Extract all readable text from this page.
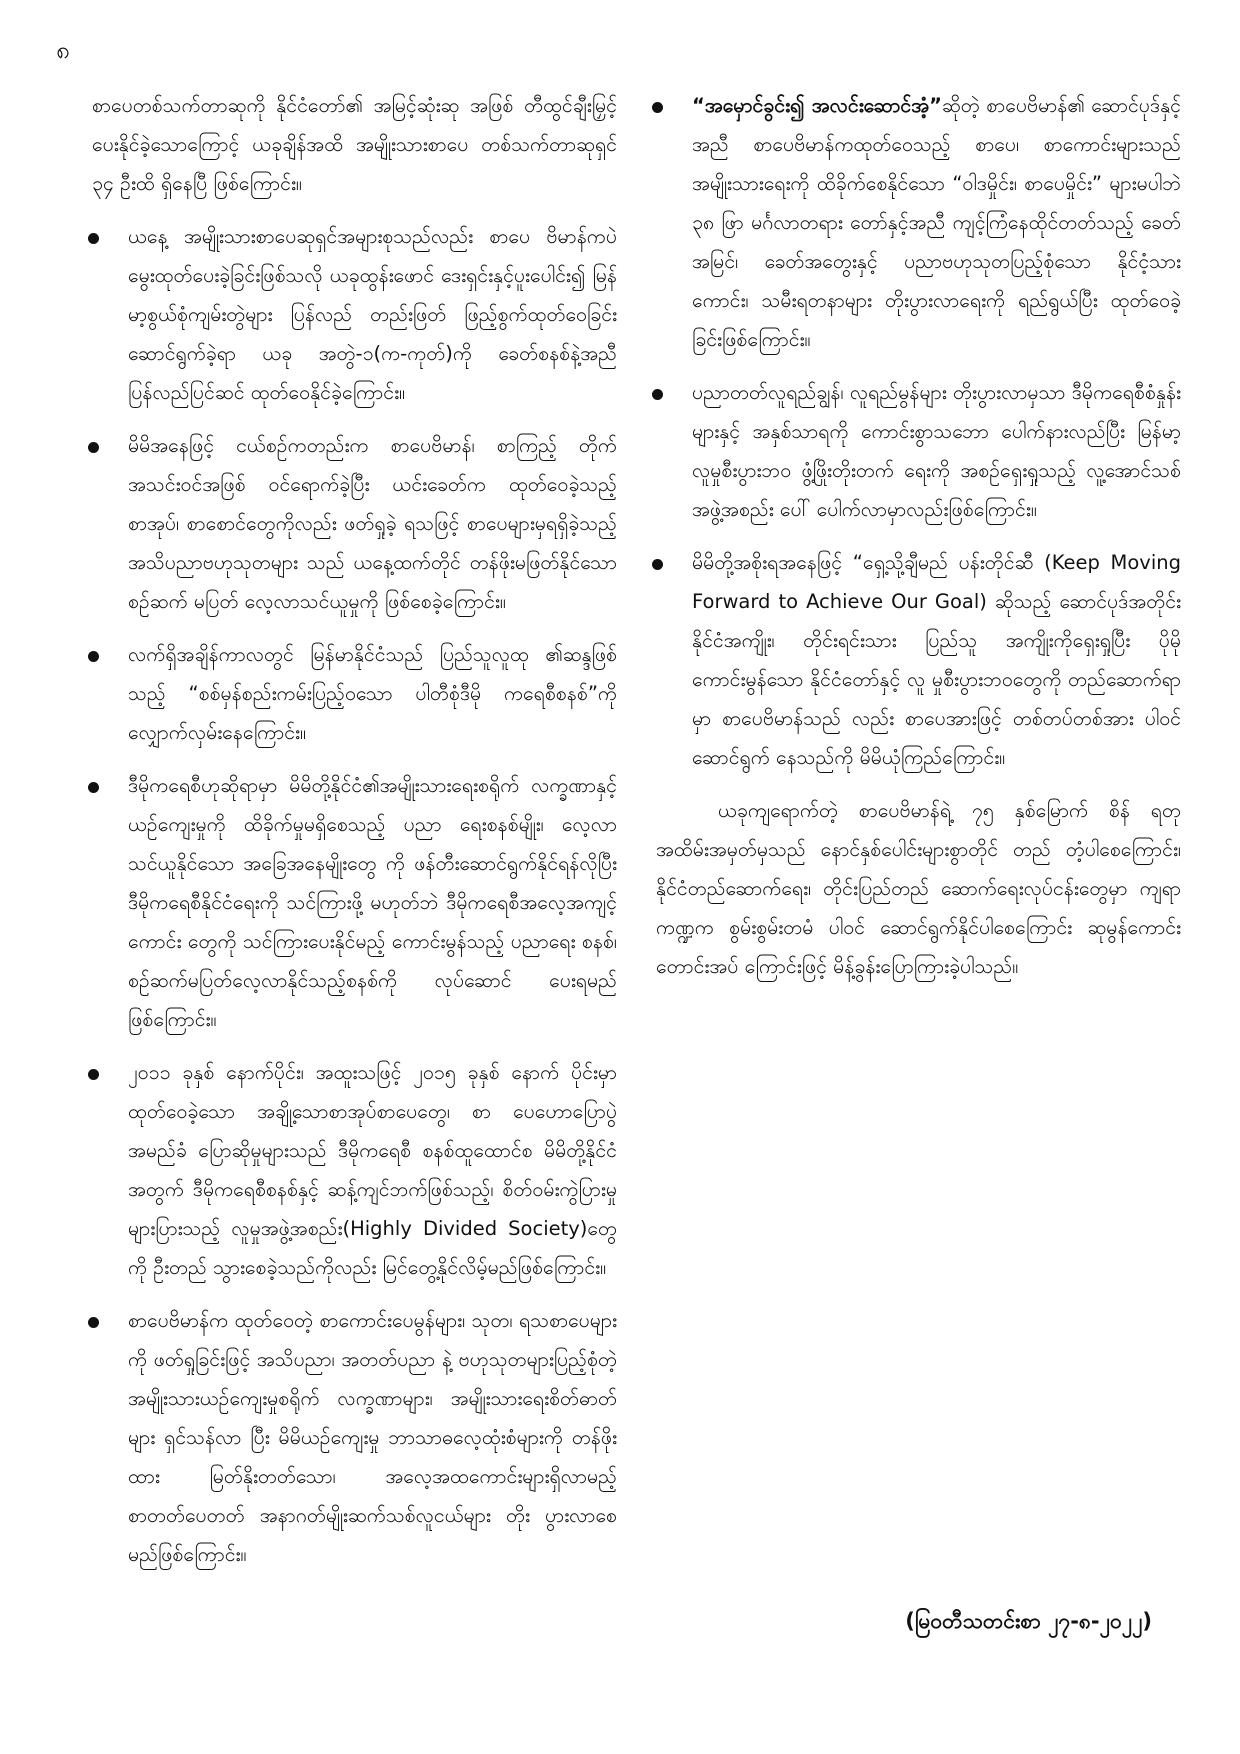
၈

စာပေတစ်သက်တာဆုကို နိုင်ငံတော်၏ အမြင့်ဆုံးဆု အဖြစ် တီထွင်ချီးမြှင့်ပေးနိုင်ခဲ့သောကြောင့် ယခုချိန်အထိ အမျိုးသားစာပေ တစ်သက်တာဆုရှင် ၃၄ ဦးထိ ရှိနေပြီ ဖြစ်ကြောင်း။

ယနေ့ အမျိုးသားစာပေဆုရှင်အများစုသည်လည်း စာပေ ဗိမာန်ကပဲ မွေးထုတ်ပေးခဲ့ခြင်းဖြစ်သလို ယခုထွန်းဖောင် ဒေးရှင်းနှင့်ပူးပေါင်း၍ မြန်မာ့စွယ်စုံကျမ်းတွဲများ ပြန်လည် တည်းဖြတ် ဖြည့်စွက်ထုတ်ဝေခြင်း ဆောင်ရွက်ခဲ့ရာ ယခု အတွဲ-၁(က-ကုတ်)ကို ခေတ်စနစ်နဲ့အညီ ပြန်လည်ပြင်ဆင် ထုတ်ဝေနိုင်ခဲ့ကြောင်း။
မိမိအနေဖြင့် ငယ်စဉ်ကတည်းက စာပေဗိမာန်၊ စာကြည့် တိုက်အသင်းဝင်အဖြစ် ဝင်ရောက်ခဲ့ပြီး ယင်းခေတ်က ထုတ်ဝေခဲ့သည့် စာအုပ်၊ စာစောင်တွေကိုလည်း ဖတ်ရှုခဲ့ ရသဖြင့် စာပေများမှရရှိခဲ့သည့် အသိပညာဗဟုသုတများ သည် ယနေ့ထက်တိုင် တန်ဖိုးမဖြတ်နိုင်သော စဉ်ဆက် မပြတ် လေ့လာသင်ယူမှုကို ဖြစ်စေခဲ့ကြောင်း။
လက်ရှိအချိန်ကာလတွင် မြန်မာနိုင်ငံသည် ပြည်သူလူထု ၏ဆန္ဒဖြစ်သည့် “စစ်မှန်စည်းကမ်းပြည့်ဝသော ပါတီစုံဒီမို ကရေစီစနစ်”ကို လျှောက်လှမ်းနေကြောင်း။
ဒီမိုကရေစီဟုဆိုရာမှာ မိမိတို့နိုင်ငံ၏အမျိုးသားရေးစရိုက် လက္ခဏာနှင့် ယဉ်ကျေးမှုကို ထိခိုက်မှုမရှိစေသည့် ပညာ ရေးစနစ်မျိုး၊ လေ့လာသင်ယူနိုင်သော အခြေအနေမျိုးတွေ ကို ဖန်တီးဆောင်ရွက်နိုင်ရန်လိုပြီး ဒီမိုကရေစီနိုင်ငံရေးကို သင်ကြားဖို့ မဟုတ်ဘဲ ဒီမိုကရေစီအလေ့အကျင့်ကောင်း တွေကို သင်ကြားပေးနိုင်မည့် ကောင်းမွန်သည့် ပညာရေး စနစ်၊ စဉ်ဆက်မပြတ်လေ့လာနိုင်သည့်စနစ်ကို လုပ်ဆောင် ပေးရမည်ဖြစ်ကြောင်း။
၂၀၁၁ ခုနှစ် နောက်ပိုင်း၊ အထူးသဖြင့် ၂၀၁၅ ခုနှစ် နောက် ပိုင်းမှာ ထုတ်ဝေခဲ့သော အချို့သောစာအုပ်စာပေတွေ၊ စာ ပေဟောပြောပွဲအမည်ခံ ပြောဆိုမှုများသည် ဒီမိုကရေစီ စနစ်ထူထောင်စ မိမိတို့နိုင်ငံအတွက် ဒီမိုကရေစီစနစ်နှင့် ဆန့်ကျင်ဘက်ဖြစ်သည့်၊ စိတ်ဝမ်းကွဲပြားမှုများပြားသည့် လူမှုအဖွဲ့အစည်း(Highly Divided Society)တွေကို ဦးတည် သွားစေခဲ့သည်ကိုလည်း မြင်တွေ့နိုင်လိမ့်မည်ဖြစ်ကြောင်း။
စာပေဗိမာန်က ထုတ်ဝေတဲ့ စာကောင်းပေမွန်များ၊ သုတ၊ ရသစာပေများကို ဖတ်ရှုခြင်းဖြင့် အသိပညာ၊ အတတ်ပညာ နဲ့ ဗဟုသုတများပြည့်စုံတဲ့ အမျိုးသားယဉ်ကျေးမှုစရိုက် လက္ခဏာများ၊ အမျိုးသားရေးစိတ်ဓာတ်များ ရှင်သန်လာ ပြီး မိမိယဉ်ကျေးမှု ဘာသာဓလေ့ထုံးစံများကို တန်ဖိုးထား မြတ်နိုးတတ်သော၊ အလေ့အထကောင်းများရှိလာမည့် စာတတ်ပေတတ် အနာဂတ်မျိုးဆက်သစ်လူငယ်များ တိုး ပွားလာစေမည်ဖြစ်ကြောင်း။
“အမှောင်ခွင်း၍ အလင်းဆောင်အံ့”ဆိုတဲ့ စာပေဗိမာန်၏ ဆောင်ပုဒ်နှင့်အညီ စာပေဗိမာန်ကထုတ်ဝေသည့် စာပေ၊ စာကောင်းများသည် အမျိုးသားရေးကို ထိခိုက်စေနိုင်သော “ဝါဒမှိုင်း၊ စာပေမှိုင်း” များမပါဘဲ ၃၈ ဖြာ မင်္ဂလာတရား တော်နှင့်အညီ ကျင့်ကြံနေထိုင်တတ်သည့် ခေတ်အမြင်၊ ခေတ်အတွေးနှင့် ပညာဗဟုသုတပြည့်စုံသော နိုင်ငံ့သား ကောင်း၊ သမီးရတနာများ တိုးပွားလာရေးကို ရည်ရွယ်ပြီး ထုတ်ဝေခဲ့ခြင်းဖြစ်ကြောင်း။
ပညာတတ်လူရည်ချွန်၊ လူရည်မွန်များ တိုးပွားလာမှသာ ဒီမိုကရေစီစံနှုန်းများနှင့် အနှစ်သာရကို ကောင်းစွာသဘော ပေါက်နားလည်ပြီး မြန်မာ့လူမှုစီးပွားဘဝ ဖွံ့ဖြိုးတိုးတက် ရေးကို အစဉ်ရှေးရှုသည့် လူ့အောင်သစ်အဖွဲ့အစည်း ပေါ် ပေါက်လာမှာလည်းဖြစ်ကြောင်း။
မိမိတို့အစိုးရအနေဖြင့် “ရှေ့သို့ချီမည် ပန်းတိုင်ဆီ (Keep Moving Forward to Achieve Our Goal) ဆိုသည့် ဆောင်ပုဒ်အတိုင်း နိုင်ငံအကျိုး၊ တိုင်းရင်းသား ပြည်သူ အကျိုးကိုရှေးရှုပြီး ပိုမိုကောင်းမွန်သော နိုင်ငံတော်နှင့် လူ မှုစီးပွားဘဝတွေကို တည်ဆောက်ရာမှာ စာပေဗိမာန်သည် လည်း စာပေအားဖြင့် တစ်တပ်တစ်အား ပါဝင်ဆောင်ရွက် နေသည်ကို မိမိယုံကြည်ကြောင်း။

ယခုကျရောက်တဲ့ စာပေဗိမာန်ရဲ့ ၇၅ နှစ်မြောက် စိန် ရတုအထိမ်းအမှတ်မှသည် နောင်နှစ်ပေါင်းများစွာတိုင် တည် တံ့ပါစေကြောင်း၊ နိုင်ငံတည်ဆောက်ရေး၊ တိုင်းပြည်တည် ဆောက်ရေးလုပ်ငန်းတွေမှာ ကျရာကဏ္ဍက စွမ်းစွမ်းတမံ ပါဝင် ဆောင်ရွက်နိုင်ပါစေကြောင်း ဆုမွန်ကောင်း တောင်းအပ် ကြောင်းဖြင့် မိန့်ခွန်းပြောကြားခဲ့ပါသည်။

(မြဝတီသတင်းစာ ၂၇-၈-၂၀၂၂)
